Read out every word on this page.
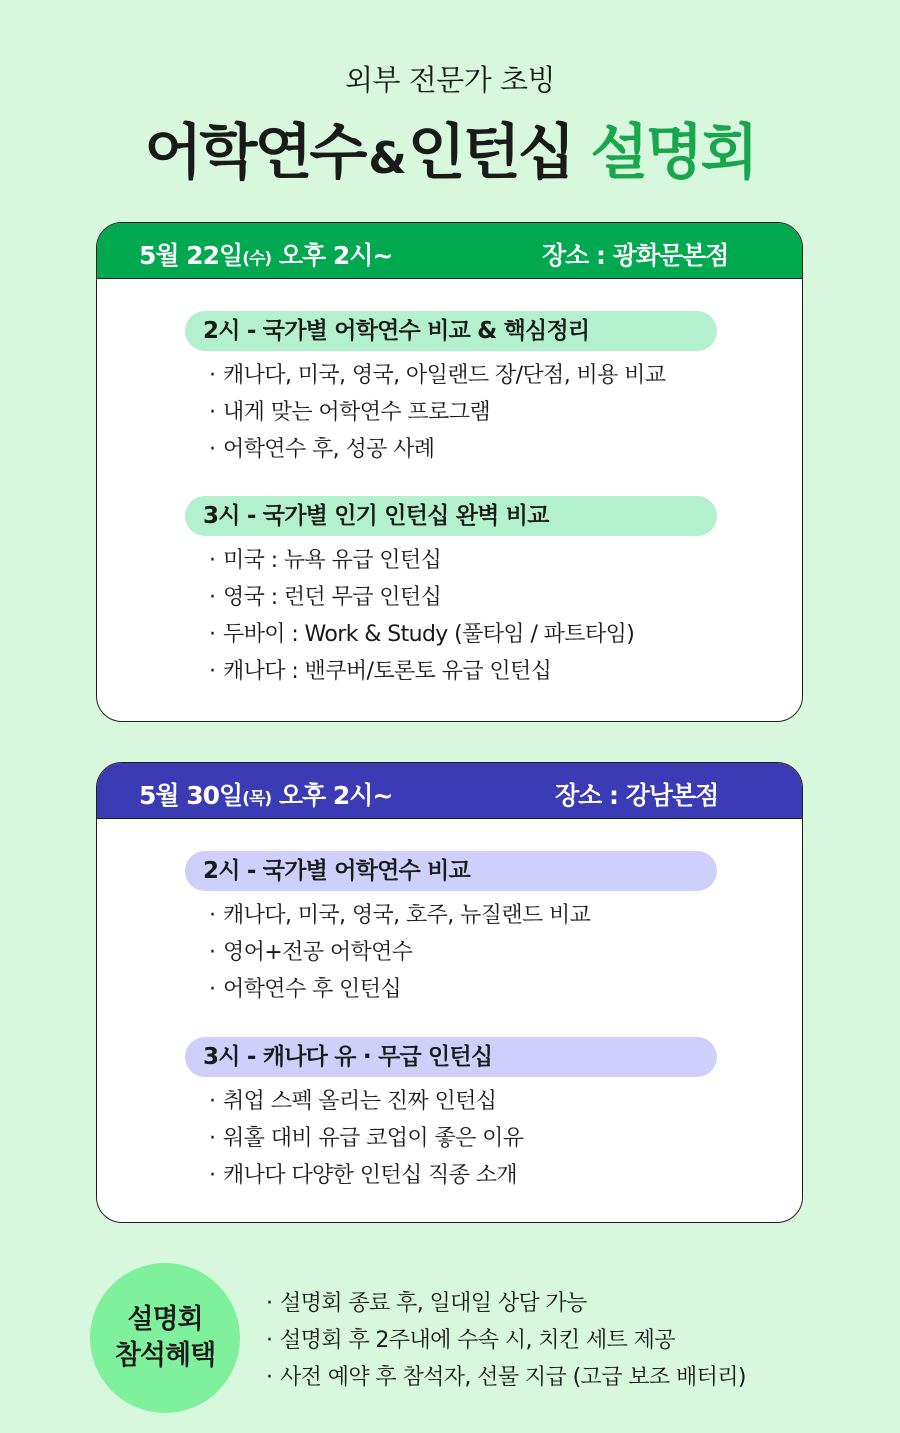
외부 전문가 초빙
어학연수&인턴십 설명회
5월 22일(수) 오후 2시~	장소 : 광화문본점
2시 - 국가별 어학연수 비교 & 핵심정리
· 캐나다, 미국, 영국, 아일랜드 장/단점, 비용 비교
· 내게 맞는 어학연수 프로그램
· 어학연수 후, 성공 사례
3시 - 국가별 인기 인턴십 완벽 비교
· 미국 : 뉴욕 유급 인턴십
· 영국 : 런던 무급 인턴십
· 두바이 : Work & Study (풀타임 / 파트타임)
· 캐나다 : 밴쿠버/토론토 유급 인턴십
5월 30일(목) 오후 2시~	장소 : 강남본점
2시 - 국가별 어학연수 비교
· 캐나다, 미국, 영국, 호주, 뉴질랜드 비교
· 영어+전공 어학연수
· 어학연수 후 인턴십
3시 - 캐나다 유 · 무급 인턴십
· 취업 스펙 올리는 진짜 인턴십
· 워홀 대비 유급 코업이 좋은 이유
· 캐나다 다양한 인턴십 직종 소개
설명회
참석혜택
· 설명회 종료 후, 일대일 상담 가능
· 설명회 후 2주내에 수속 시, 치킨 세트 제공
· 사전 예약 후 참석자, 선물 지급 (고급 보조 배터리)
